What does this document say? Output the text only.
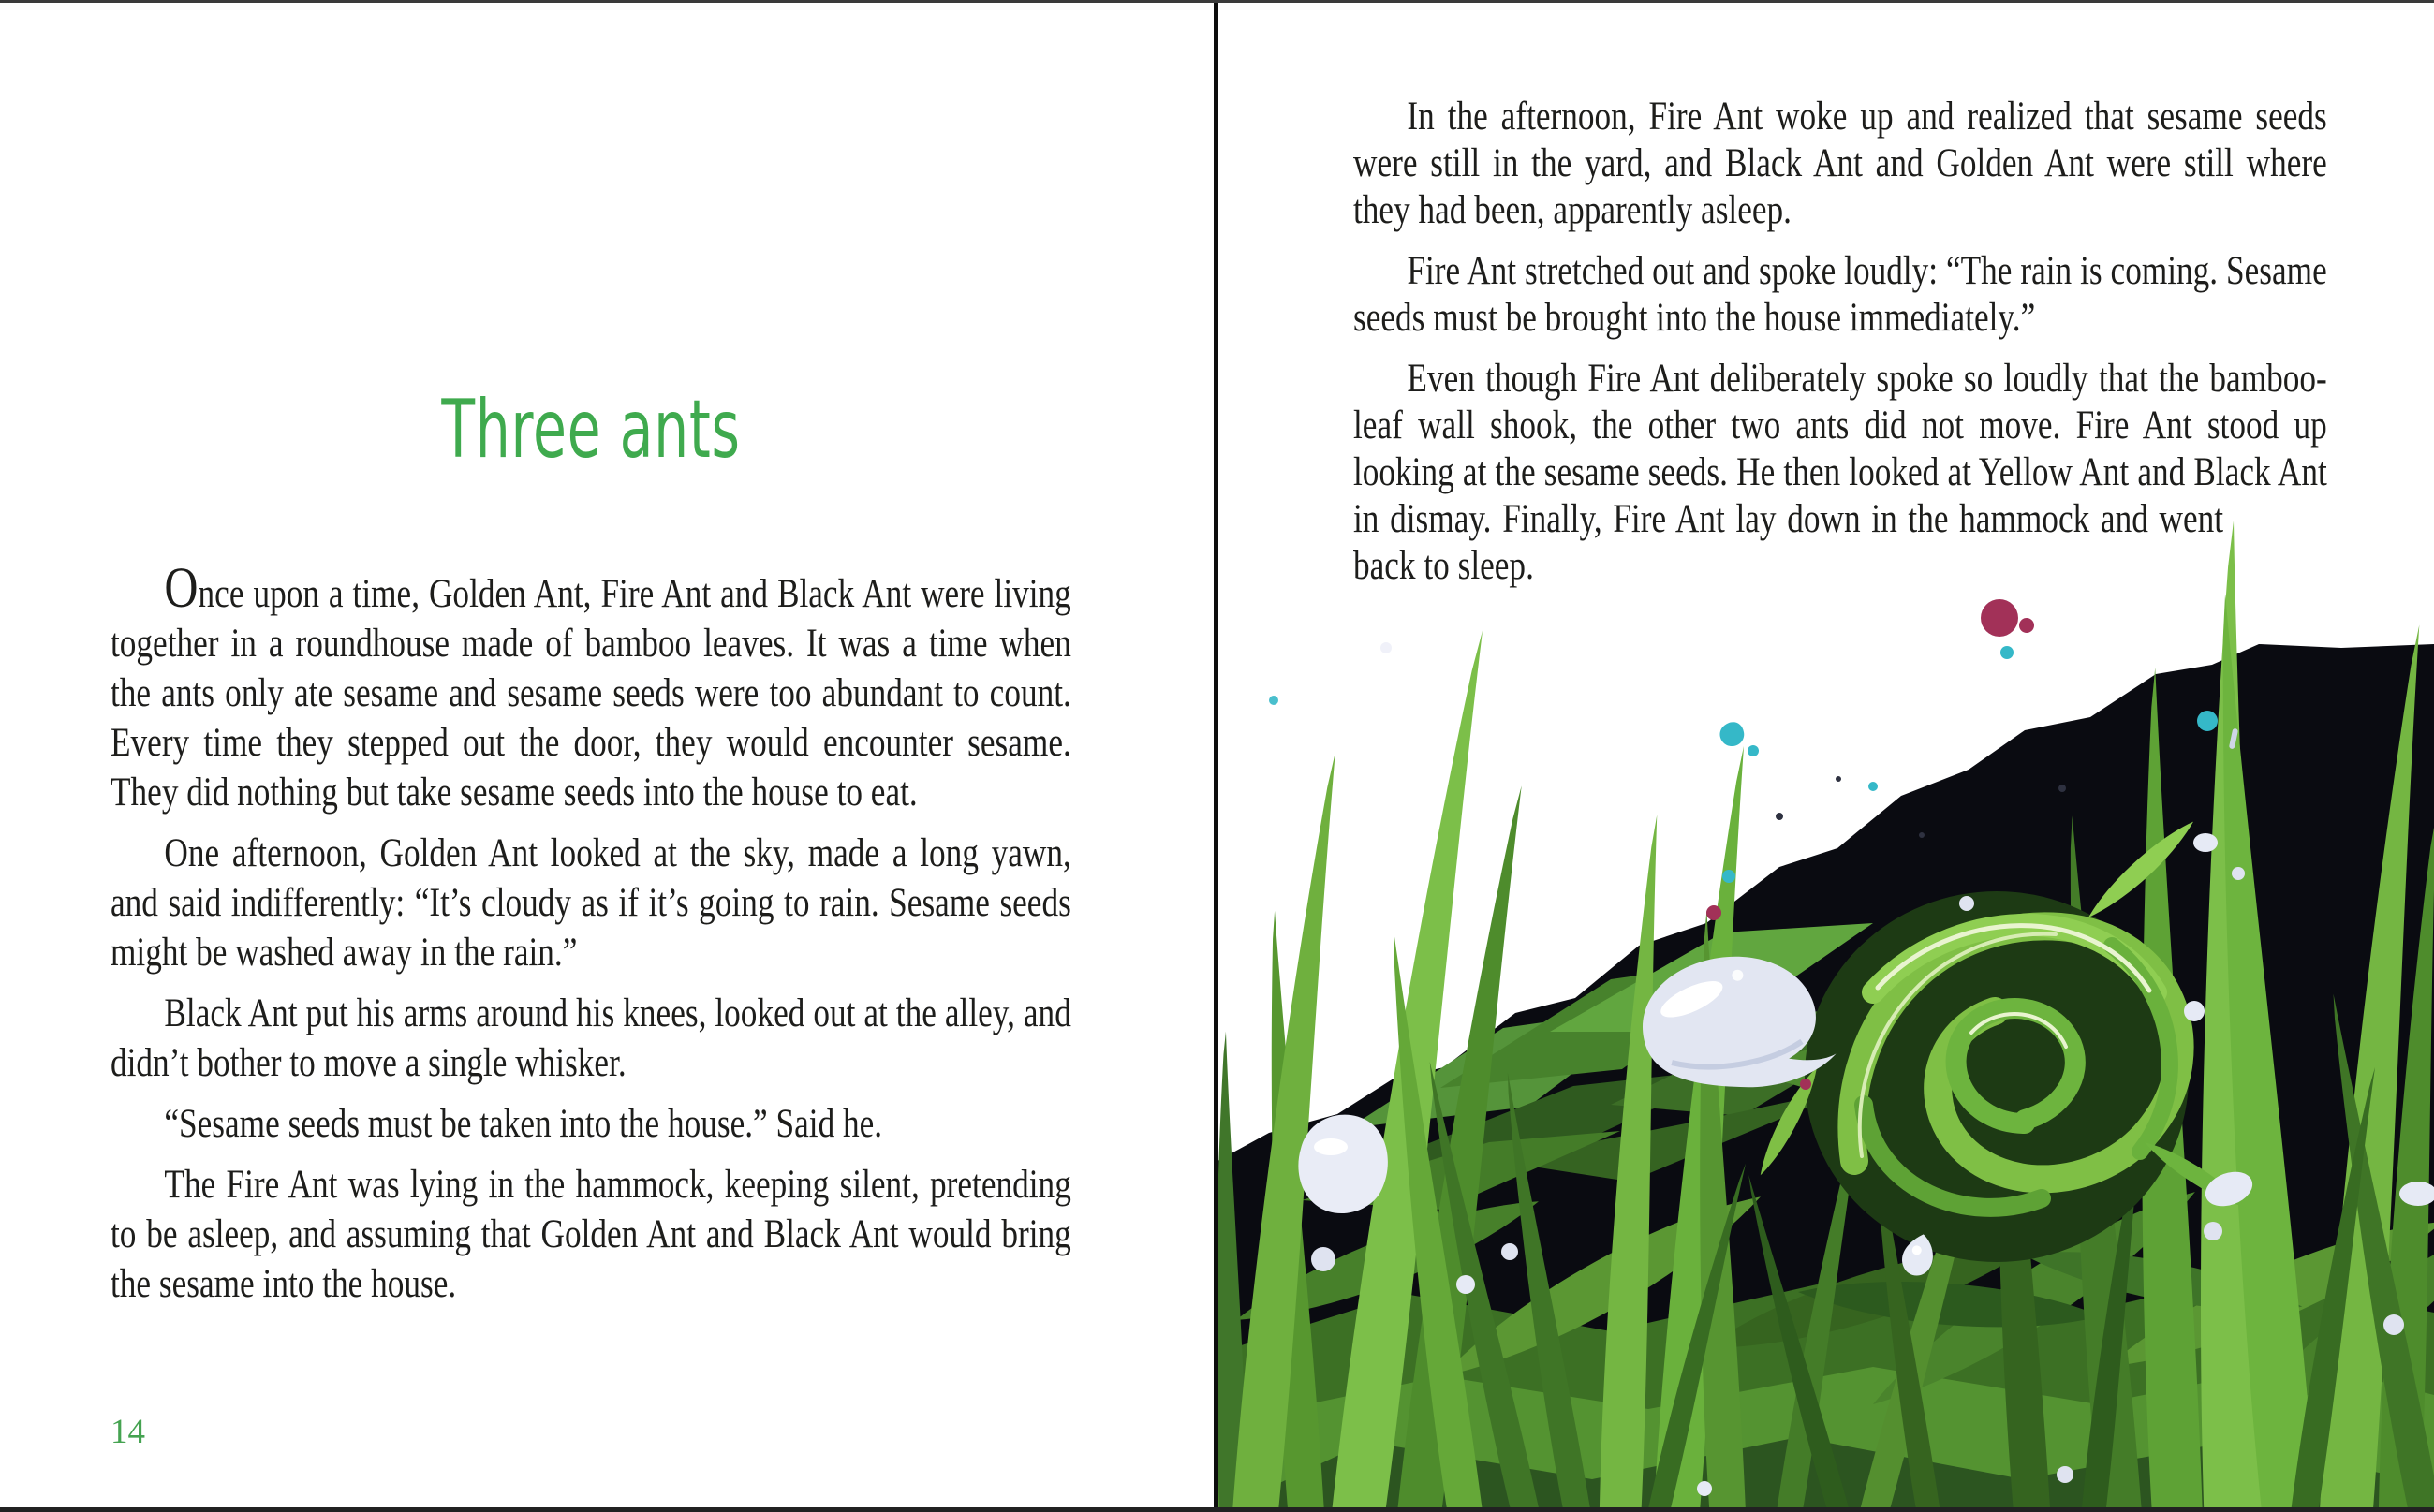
Three ants

Once upon a time, Golden Ant, Fire Ant and Black Ant were living together in a roundhouse made of bamboo leaves. It was a time when the ants only ate sesame and sesame seeds were too abundant to count. Every time they stepped out the door, they would encounter sesame. They did nothing but take sesame seeds into the house to eat.

One afternoon, Golden Ant looked at the sky, made a long yawn, and said indifferently: “It’s cloudy as if it’s going to rain. Sesame seeds might be washed away in the rain.”

Black Ant put his arms around his knees, looked out at the alley, and didn’t bother to move a single whisker.

“Sesame seeds must be taken into the house.” Said he.

The Fire Ant was lying in the hammock, keeping silent, pretending to be asleep, and assuming that Golden Ant and Black Ant would bring the sesame into the house.

14

In the afternoon, Fire Ant woke up and realized that sesame seeds were still in the yard, and Black Ant and Golden Ant were still where they had been, apparently asleep.

Fire Ant stretched out and spoke loudly: “The rain is coming. Sesame seeds must be brought into the house immediately.”

Even though Fire Ant deliberately spoke so loudly that the bamboo-leaf wall shook, the other two ants did not move. Fire Ant stood up looking at the sesame seeds. He then looked at Yellow Ant and Black Ant in dismay. Finally, Fire Ant lay down in the hammock and went back to sleep.
